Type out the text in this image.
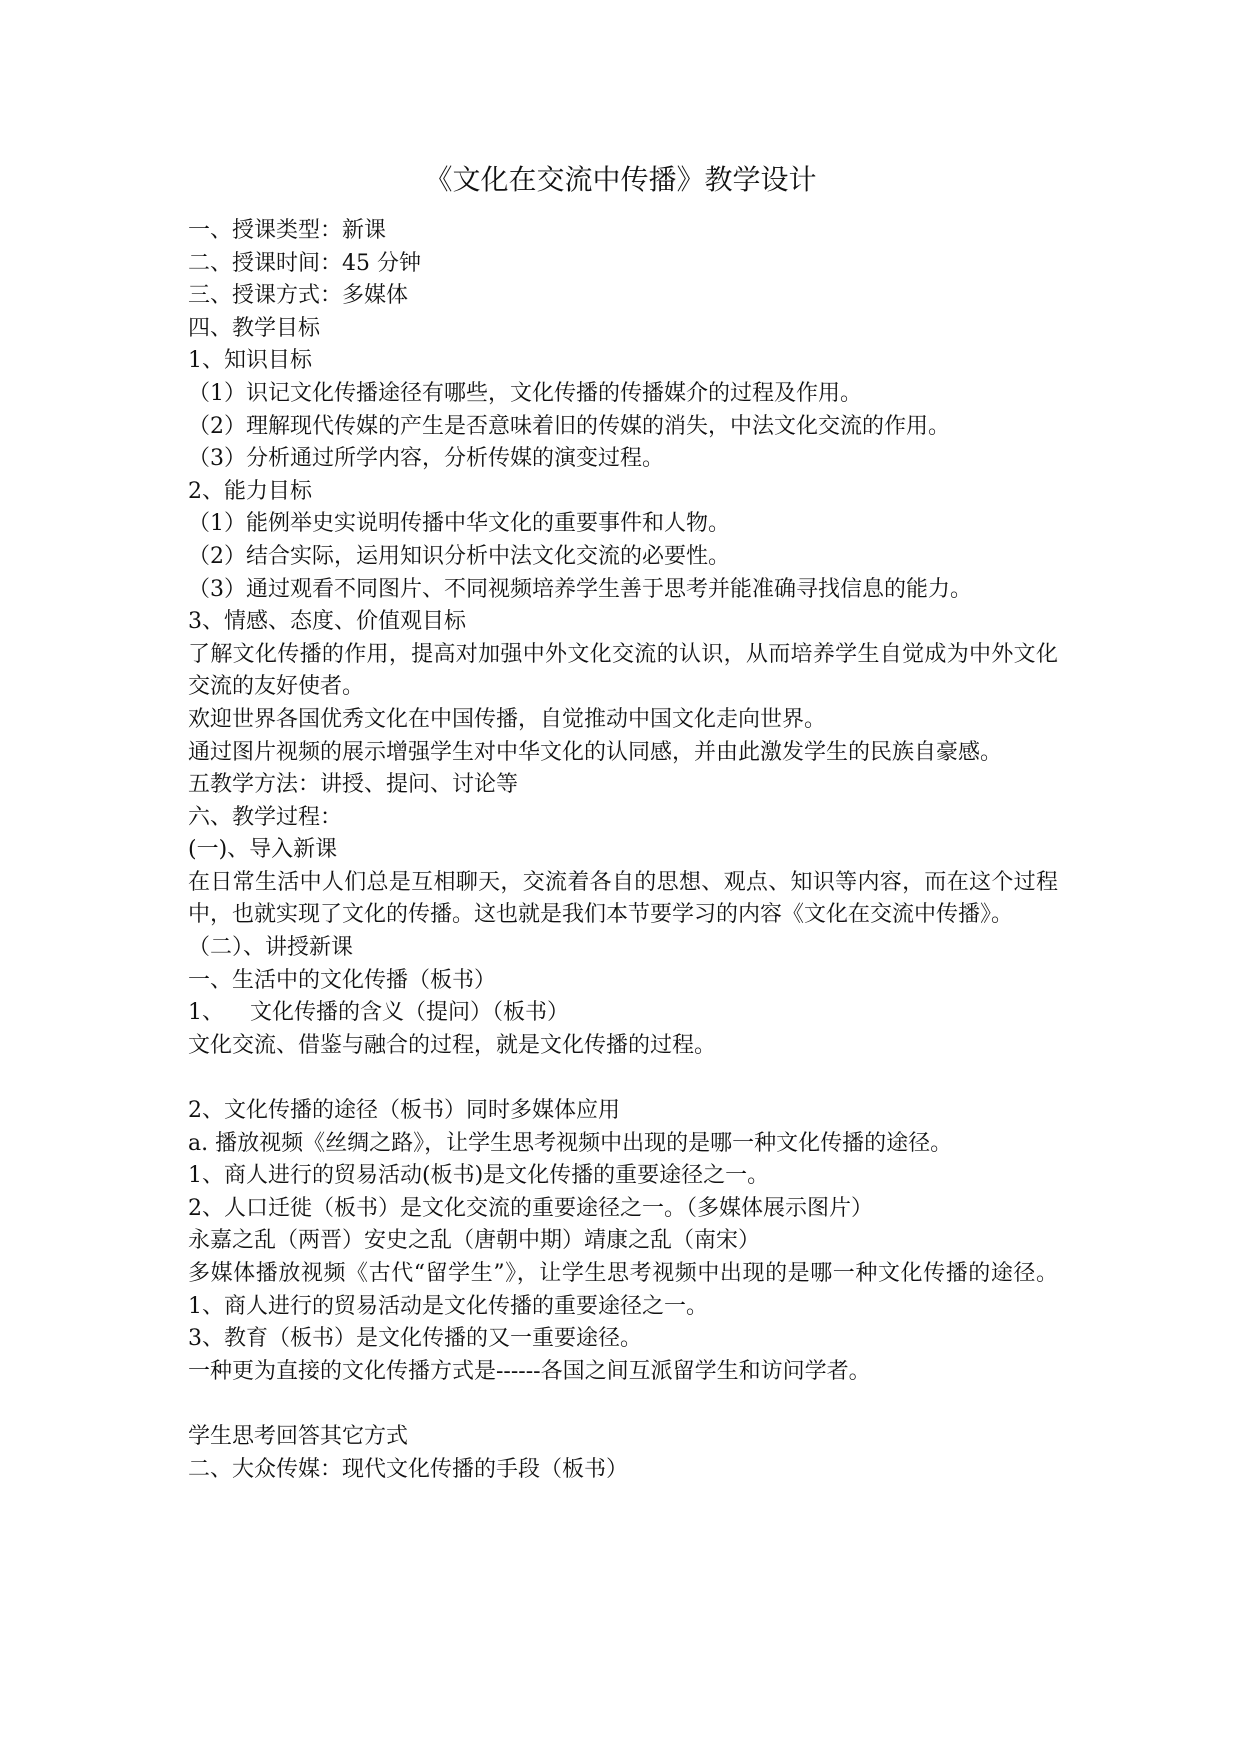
《文化在交流中传播》教学设计
一、授课类型：新课
二、授课时间：45 分钟
三、授课方式：多媒体
四、教学目标
1、知识目标
（1）识记文化传播途径有哪些，文化传播的传播媒介的过程及作用。
（2）理解现代传媒的产生是否意味着旧的传媒的消失，中法文化交流的作用。
（3）分析通过所学内容，分析传媒的演变过程。
2、能力目标
（1）能例举史实说明传播中华文化的重要事件和人物。
（2）结合实际，运用知识分析中法文化交流的必要性。
（3）通过观看不同图片、不同视频培养学生善于思考并能准确寻找信息的能力。
3、情感、态度、价值观目标
了解文化传播的作用，提高对加强中外文化交流的认识，从而培养学生自觉成为中外文化交流的友好使者。
欢迎世界各国优秀文化在中国传播，自觉推动中国文化走向世界。
通过图片视频的展示增强学生对中华文化的认同感，并由此激发学生的民族自豪感。
五教学方法：讲授、提问、讨论等
六、教学过程：
(一)、导入新课
在日常生活中人们总是互相聊天，交流着各自的思想、观点、知识等内容，而在这个过程中，也就实现了文化的传播。这也就是我们本节要学习的内容《文化在交流中传播》。
（二）、讲授新课
一、生活中的文化传播（板书）
1、 文化传播的含义（提问）（板书）
文化交流、借鉴与融合的过程，就是文化传播的过程。
2、文化传播的途径（板书）同时多媒体应用
a. 播放视频《丝绸之路》，让学生思考视频中出现的是哪一种文化传播的途径。
1、商人进行的贸易活动(板书)是文化传播的重要途径之一。
2、人口迁徙（板书）是文化交流的重要途径之一。（多媒体展示图片）
永嘉之乱（两晋）安史之乱（唐朝中期）靖康之乱（南宋）
多媒体播放视频《古代“留学生”》，让学生思考视频中出现的是哪一种文化传播的途径。1、商人进行的贸易活动是文化传播的重要途径之一。
3、教育（板书）是文化传播的又一重要途径。
一种更为直接的文化传播方式是------各国之间互派留学生和访问学者。
学生思考回答其它方式
二、大众传媒：现代文化传播的手段（板书）
